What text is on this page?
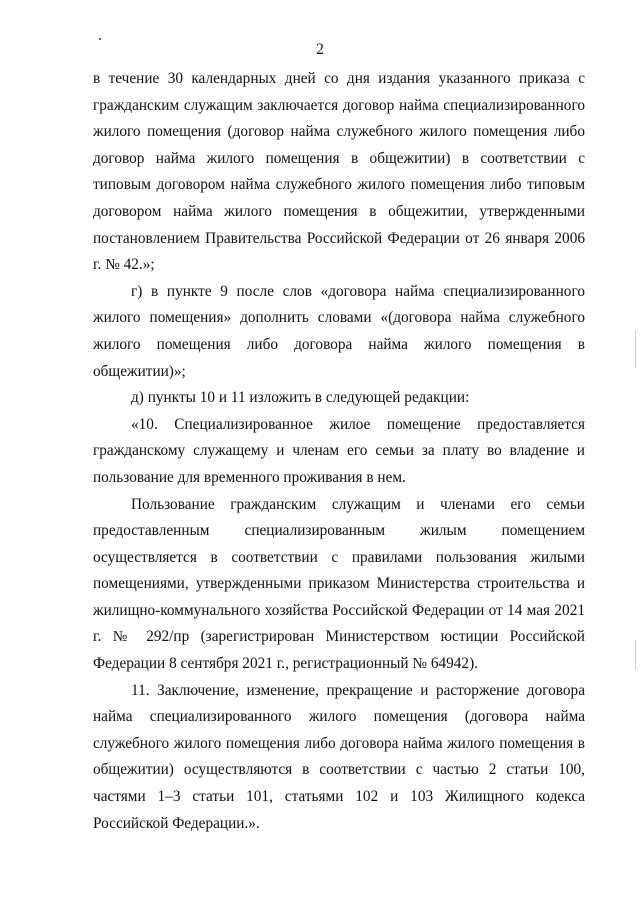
2

в течение 30 календарных дней со дня издания указанного приказа с гражданским служащим заключается договор найма специализированного жилого помещения (договор найма служебного жилого помещения либо договор найма жилого помещения в общежитии) в соответствии с типовым договором найма служебного жилого помещения либо типовым договором найма жилого помещения в общежитии, утвержденными постановлением Правительства Российской Федерации от 26 января 2006 г. № 42.»;

г) в пункте 9 после слов «договора найма специализированного жилого помещения» дополнить словами «(договора найма служебного жилого помещения либо договора найма жилого помещения в общежитии)»;

д) пункты 10 и 11 изложить в следующей редакции:

«10. Специализированное жилое помещение предоставляется гражданскому служащему и членам его семьи за плату во владение и пользование для временного проживания в нем.

Пользование гражданским служащим и членами его семьи предоставленным специализированным жилым помещением осуществляется в соответствии с правилами пользования жилыми помещениями, утвержденными приказом Министерства строительства и жилищно-коммунального хозяйства Российской Федерации от 14 мая 2021 г. № 292/пр (зарегистрирован Министерством юстиции Российской Федерации 8 сентября 2021 г., регистрационный № 64942).

11. Заключение, изменение, прекращение и расторжение договора найма специализированного жилого помещения (договора найма служебного жилого помещения либо договора найма жилого помещения в общежитии) осуществляются в соответствии с частью 2 статьи 100, частями 1–3 статьи 101, статьями 102 и 103 Жилищного кодекса Российской Федерации.».
